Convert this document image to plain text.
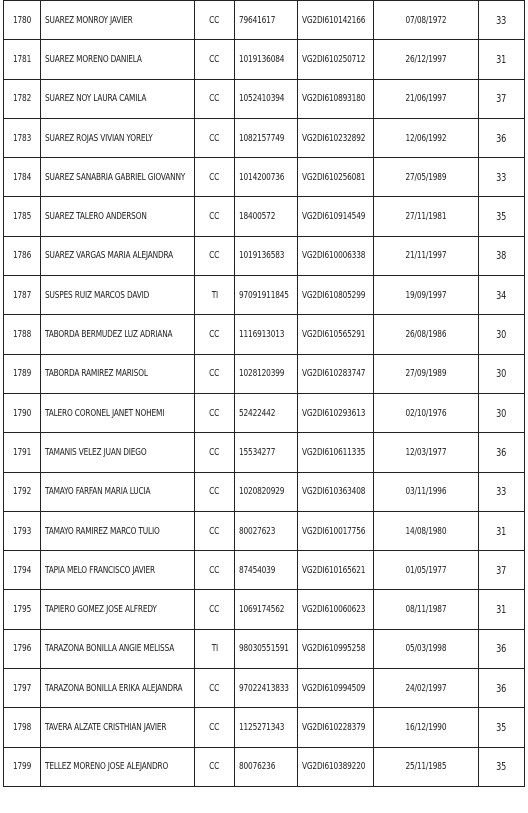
1780	SUAREZ MONROY JAVIER	CC	79641617	VG2DI610142166	07/08/1972	33
1781	SUAREZ MORENO DANIELA	CC	1019136084	VG2DI610250712	26/12/1997	31
1782	SUAREZ NOY LAURA CAMILA	CC	1052410394	VG2DI610893180	21/06/1997	37
1783	SUAREZ ROJAS VIVIAN YORELY	CC	1082157749	VG2DI610232892	12/06/1992	36
1784	SUAREZ SANABRIA GABRIEL GIOVANNY	CC	1014200736	VG2DI610256081	27/05/1989	33
1785	SUAREZ TALERO ANDERSON	CC	18400572	VG2DI610914549	27/11/1981	35
1786	SUAREZ VARGAS MARIA ALEJANDRA	CC	1019136583	VG2DI610006338	21/11/1997	38
1787	SUSPES RUIZ MARCOS DAVID	TI	97091911845	VG2DI610805299	19/09/1997	34
1788	TABORDA BERMUDEZ LUZ ADRIANA	CC	1116913013	VG2DI610565291	26/08/1986	30
1789	TABORDA RAMIREZ MARISOL	CC	1028120399	VG2DI610283747	27/09/1989	30
1790	TALERO CORONEL JANET NOHEMI	CC	52422442	VG2DI610293613	02/10/1976	30
1791	TAMANIS VELEZ JUAN DIEGO	CC	15534277	VG2DI610611335	12/03/1977	36
1792	TAMAYO FARFAN MARIA LUCIA	CC	1020820929	VG2DI610363408	03/11/1996	33
1793	TAMAYO RAMIREZ MARCO TULIO	CC	80027623	VG2DI610017756	14/08/1980	31
1794	TAPIA MELO FRANCISCO JAVIER	CC	87454039	VG2DI610165621	01/05/1977	37
1795	TAPIERO GOMEZ JOSE ALFREDY	CC	1069174562	VG2DI610060623	08/11/1987	31
1796	TARAZONA BONILLA ANGIE MELISSA	TI	98030551591	VG2DI610995258	05/03/1998	36
1797	TARAZONA BONILLA ERIKA ALEJANDRA	CC	97022413833	VG2DI610994509	24/02/1997	36
1798	TAVERA ALZATE CRISTHIAN JAVIER	CC	1125271343	VG2DI610228379	16/12/1990	35
1799	TELLEZ MORENO JOSE ALEJANDRO	CC	80076236	VG2DI610389220	25/11/1985	35
